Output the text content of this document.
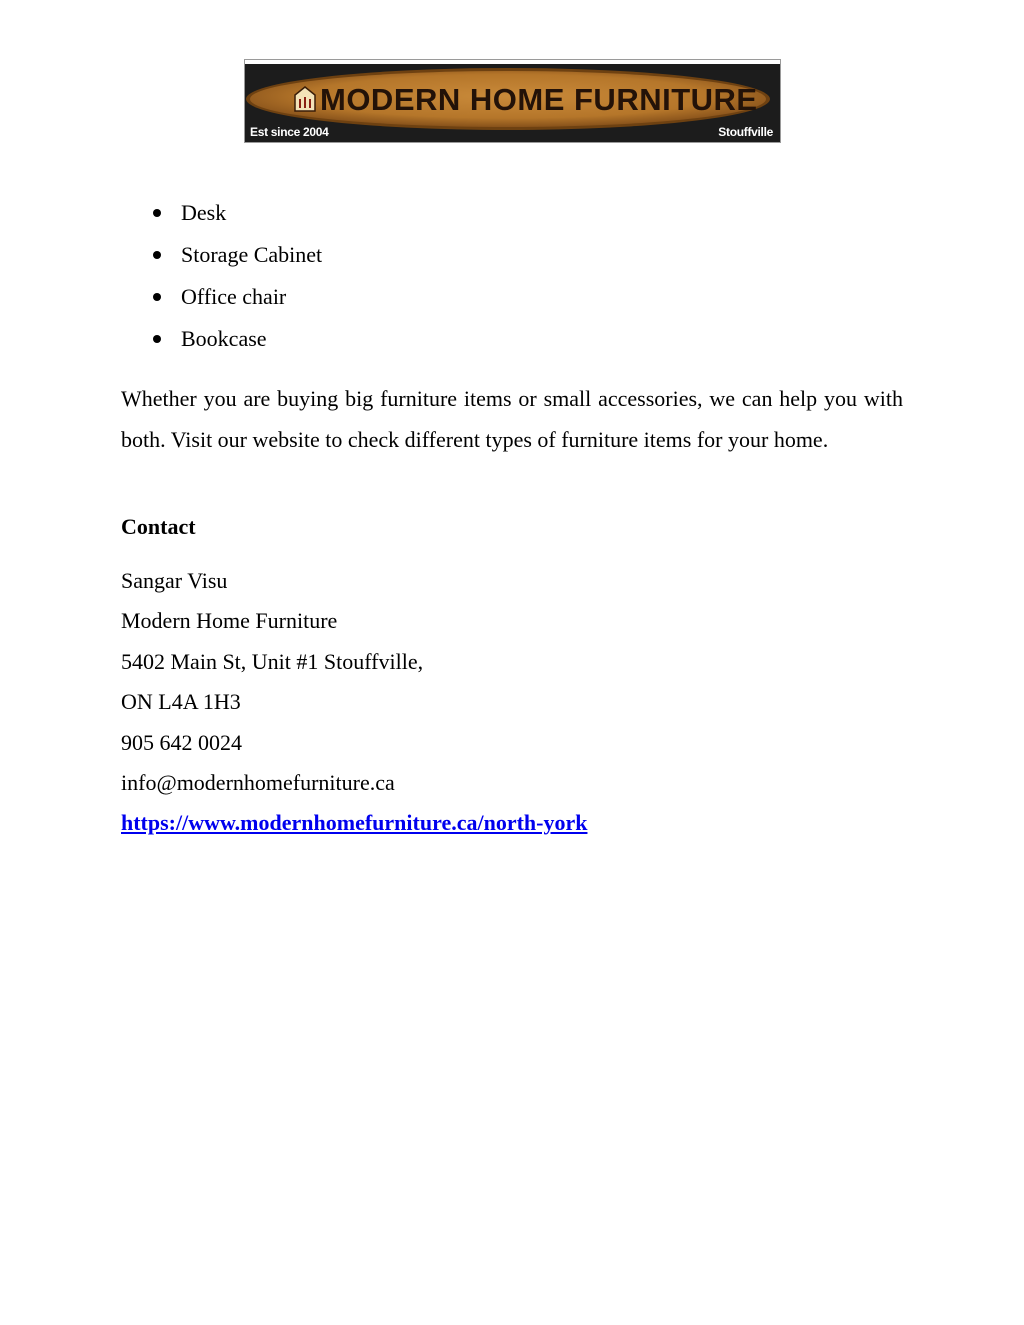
MODERN HOME FURNITURE
Est since 2004	Stouffville
Desk
Storage Cabinet
Office chair
Bookcase

Whether you are buying big furniture items or small accessories, we can help you with both. Visit our website to check different types of furniture items for your home.

Contact
Sangar Visu
Modern Home Furniture
5402 Main St, Unit #1 Stouffville,
ON L4A 1H3
905 642 0024
info@modernhomefurniture.ca
https://www.modernhomefurniture.ca/north-york
